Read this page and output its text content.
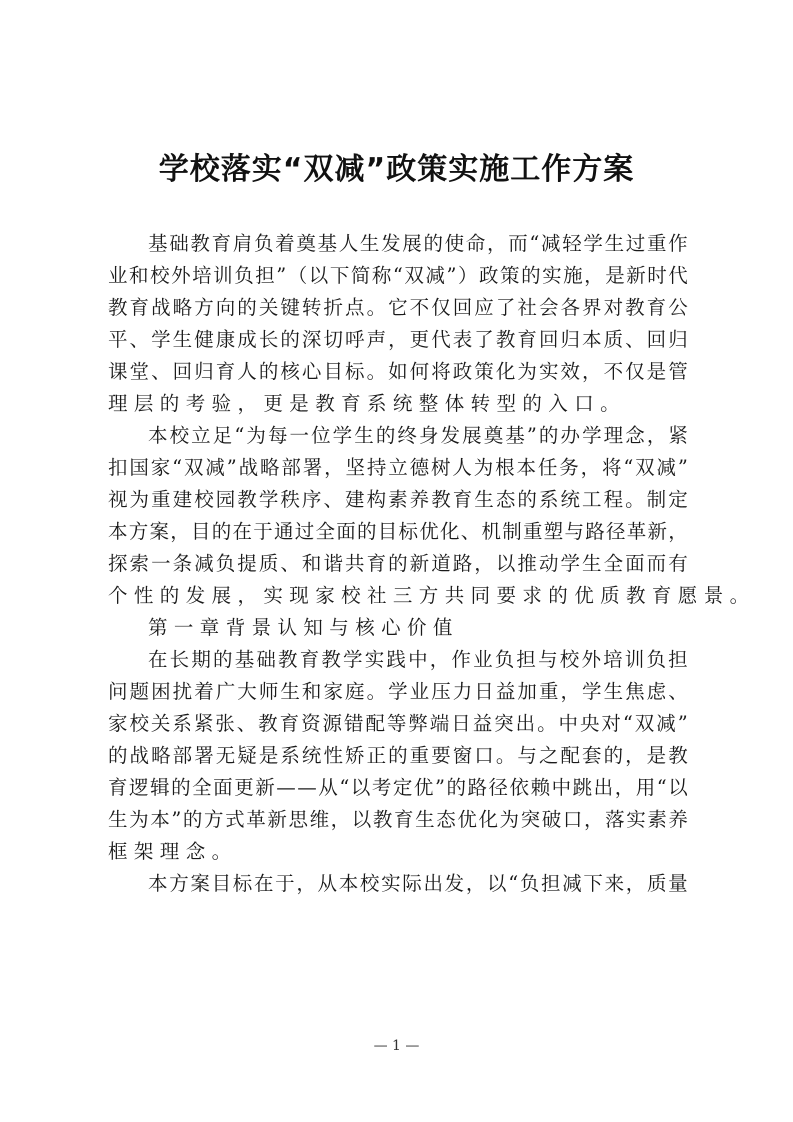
学校落实“双减”政策实施工作方案
基 础 教 育 肩 负 着 奠 基 人 生 发 展 的 使 命 ， 而 “ 减 轻 学 生 过 重 作
业 和 校 外 培 训 负 担 ” （ 以 下 简 称 “ 双 减 ” ） 政 策 的 实 施 ， 是 新 时 代
教 育 战 略 方 向 的 关 键 转 折 点 。 它 不 仅 回 应 了 社 会 各 界 对 教 育 公
平 、 学 生 健 康 成 长 的 深 切 呼 声 ， 更 代 表 了 教 育 回 归 本 质 、 回 归
课 堂 、 回 归 育 人 的 核 心 目 标 。 如 何 将 政 策 化 为 实 效 ， 不 仅 是 管
理层的考验，更是教育系统整体转型的入口。
本 校 立 足 “ 为 每 一 位 学 生 的 终 身 发 展 奠 基 ” 的 办 学 理 念 ， 紧
扣 国 家 “ 双 减 ” 战 略 部 署 ， 坚 持 立 德 树 人 为 根 本 任 务 ， 将 “ 双 减 ”
视 为 重 建 校 园 教 学 秩 序 、 建 构 素 养 教 育 生 态 的 系 统 工 程 。 制 定
本 方 案 ， 目 的 在 于 通 过 全 面 的 目 标 优 化 、 机 制 重 塑 与 路 径 革 新 ，
探 索 一 条 减 负 提 质 、 和 谐 共 育 的 新 道 路 ， 以 推 动 学 生 全 面 而 有
个性的发展，实现家校社三方共同要求的优质教育愿景。
第一章背景认知与核心价值
在 长 期 的 基 础 教 育 教 学 实 践 中 ， 作 业 负 担 与 校 外 培 训 负 担
问 题 困 扰 着 广 大 师 生 和 家 庭 。 学 业 压 力 日 益 加 重 ， 学 生 焦 虑 、
家 校 关 系 紧 张 、 教 育 资 源 错 配 等 弊 端 日 益 突 出 。 中 央 对 “ 双 减 ”
的 战 略 部 署 无 疑 是 系 统 性 矫 正 的 重 要 窗 口 。 与 之 配 套 的 ， 是 教
育 逻 辑 的 全 面 更 新 — — 从 “ 以 考 定 优 ” 的 路 径 依 赖 中 跳 出 ， 用 “ 以
生 为 本 ” 的 方 式 革 新 思 维 ， 以 教 育 生 态 优 化 为 突 破 口 ， 落 实 素 养
框架理念。
本 方 案 目 标 在 于 ， 从 本 校 实 际 出 发 ， 以 “ 负 担 减 下 来 ， 质 量
— 1 —
